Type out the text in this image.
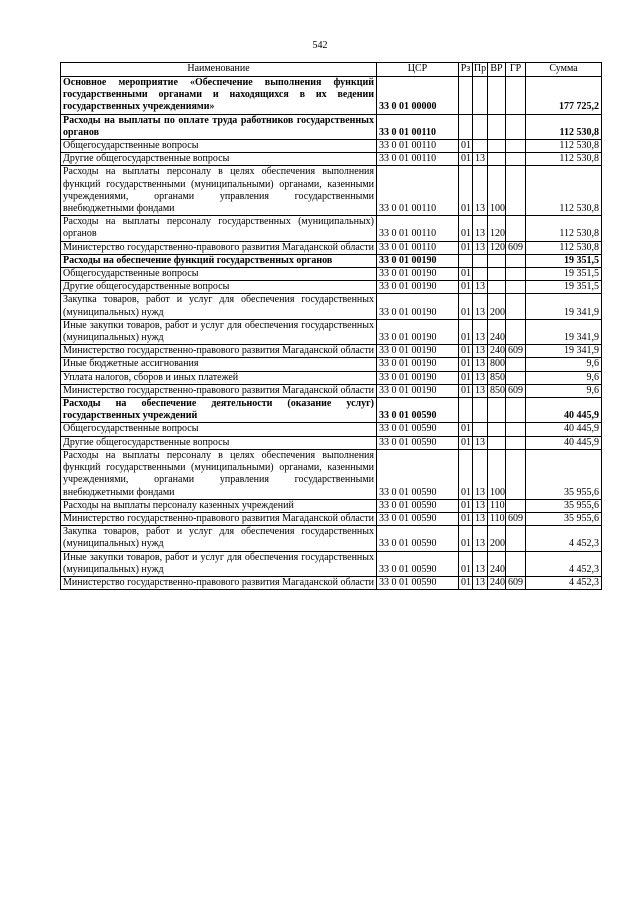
542
Наименование	ЦСР	Рз	Пр	ВР	ГР	Сумма
Основное мероприятие «Обеспечение выполнения функций государственными органами и находящихся в их ведении государственных учреждениями»	33 0 01 00000					177 725,2
Расходы на выплаты по оплате труда работников государственных органов	33 0 01 00110					112 530,8
Общегосударственные вопросы	33 0 01 00110	01				112 530,8
Другие общегосударственные вопросы	33 0 01 00110	01	13			112 530,8
Расходы на выплаты персоналу в целях обеспечения выполнения функций государственными (муниципальными) органами, казенными учреждениями, органами управления государственными внебюджетными фондами	33 0 01 00110	01	13	100		112 530,8
Расходы на выплаты персоналу государственных (муниципальных) органов	33 0 01 00110	01	13	120		112 530,8
Министерство государственно-правового развития Магаданской области	33 0 01 00110	01	13	120	609	112 530,8
Расходы на обеспечение функций государственных органов	33 0 01 00190					19 351,5
Общегосударственные вопросы	33 0 01 00190	01				19 351,5
Другие общегосударственные вопросы	33 0 01 00190	01	13			19 351,5
Закупка товаров, работ и услуг для обеспечения государственных (муниципальных) нужд	33 0 01 00190	01	13	200		19 341,9
Иные закупки товаров, работ и услуг для обеспечения государственных (муниципальных) нужд	33 0 01 00190	01	13	240		19 341,9
Министерство государственно-правового развития Магаданской области	33 0 01 00190	01	13	240	609	19 341,9
Иные бюджетные ассигнования	33 0 01 00190	01	13	800		9,6
Уплата налогов, сборов и иных платежей	33 0 01 00190	01	13	850		9,6
Министерство государственно-правового развития Магаданской области	33 0 01 00190	01	13	850	609	9,6
Расходы на обеспечение деятельности (оказание услуг) государственных учреждений	33 0 01 00590					40 445,9
Общегосударственные вопросы	33 0 01 00590	01				40 445,9
Другие общегосударственные вопросы	33 0 01 00590	01	13			40 445,9
Расходы на выплаты персоналу в целях обеспечения выполнения функций государственными (муниципальными) органами, казенными учреждениями, органами управления государственными внебюджетными фондами	33 0 01 00590	01	13	100		35 955,6
Расходы на выплаты персоналу казенных учреждений	33 0 01 00590	01	13	110		35 955,6
Министерство государственно-правового развития Магаданской области	33 0 01 00590	01	13	110	609	35 955,6
Закупка товаров, работ и услуг для обеспечения государственных (муниципальных) нужд	33 0 01 00590	01	13	200		4 452,3
Иные закупки товаров, работ и услуг для обеспечения государственных (муниципальных) нужд	33 0 01 00590	01	13	240		4 452,3
Министерство государственно-правового развития Магаданской области	33 0 01 00590	01	13	240	609	4 452,3
